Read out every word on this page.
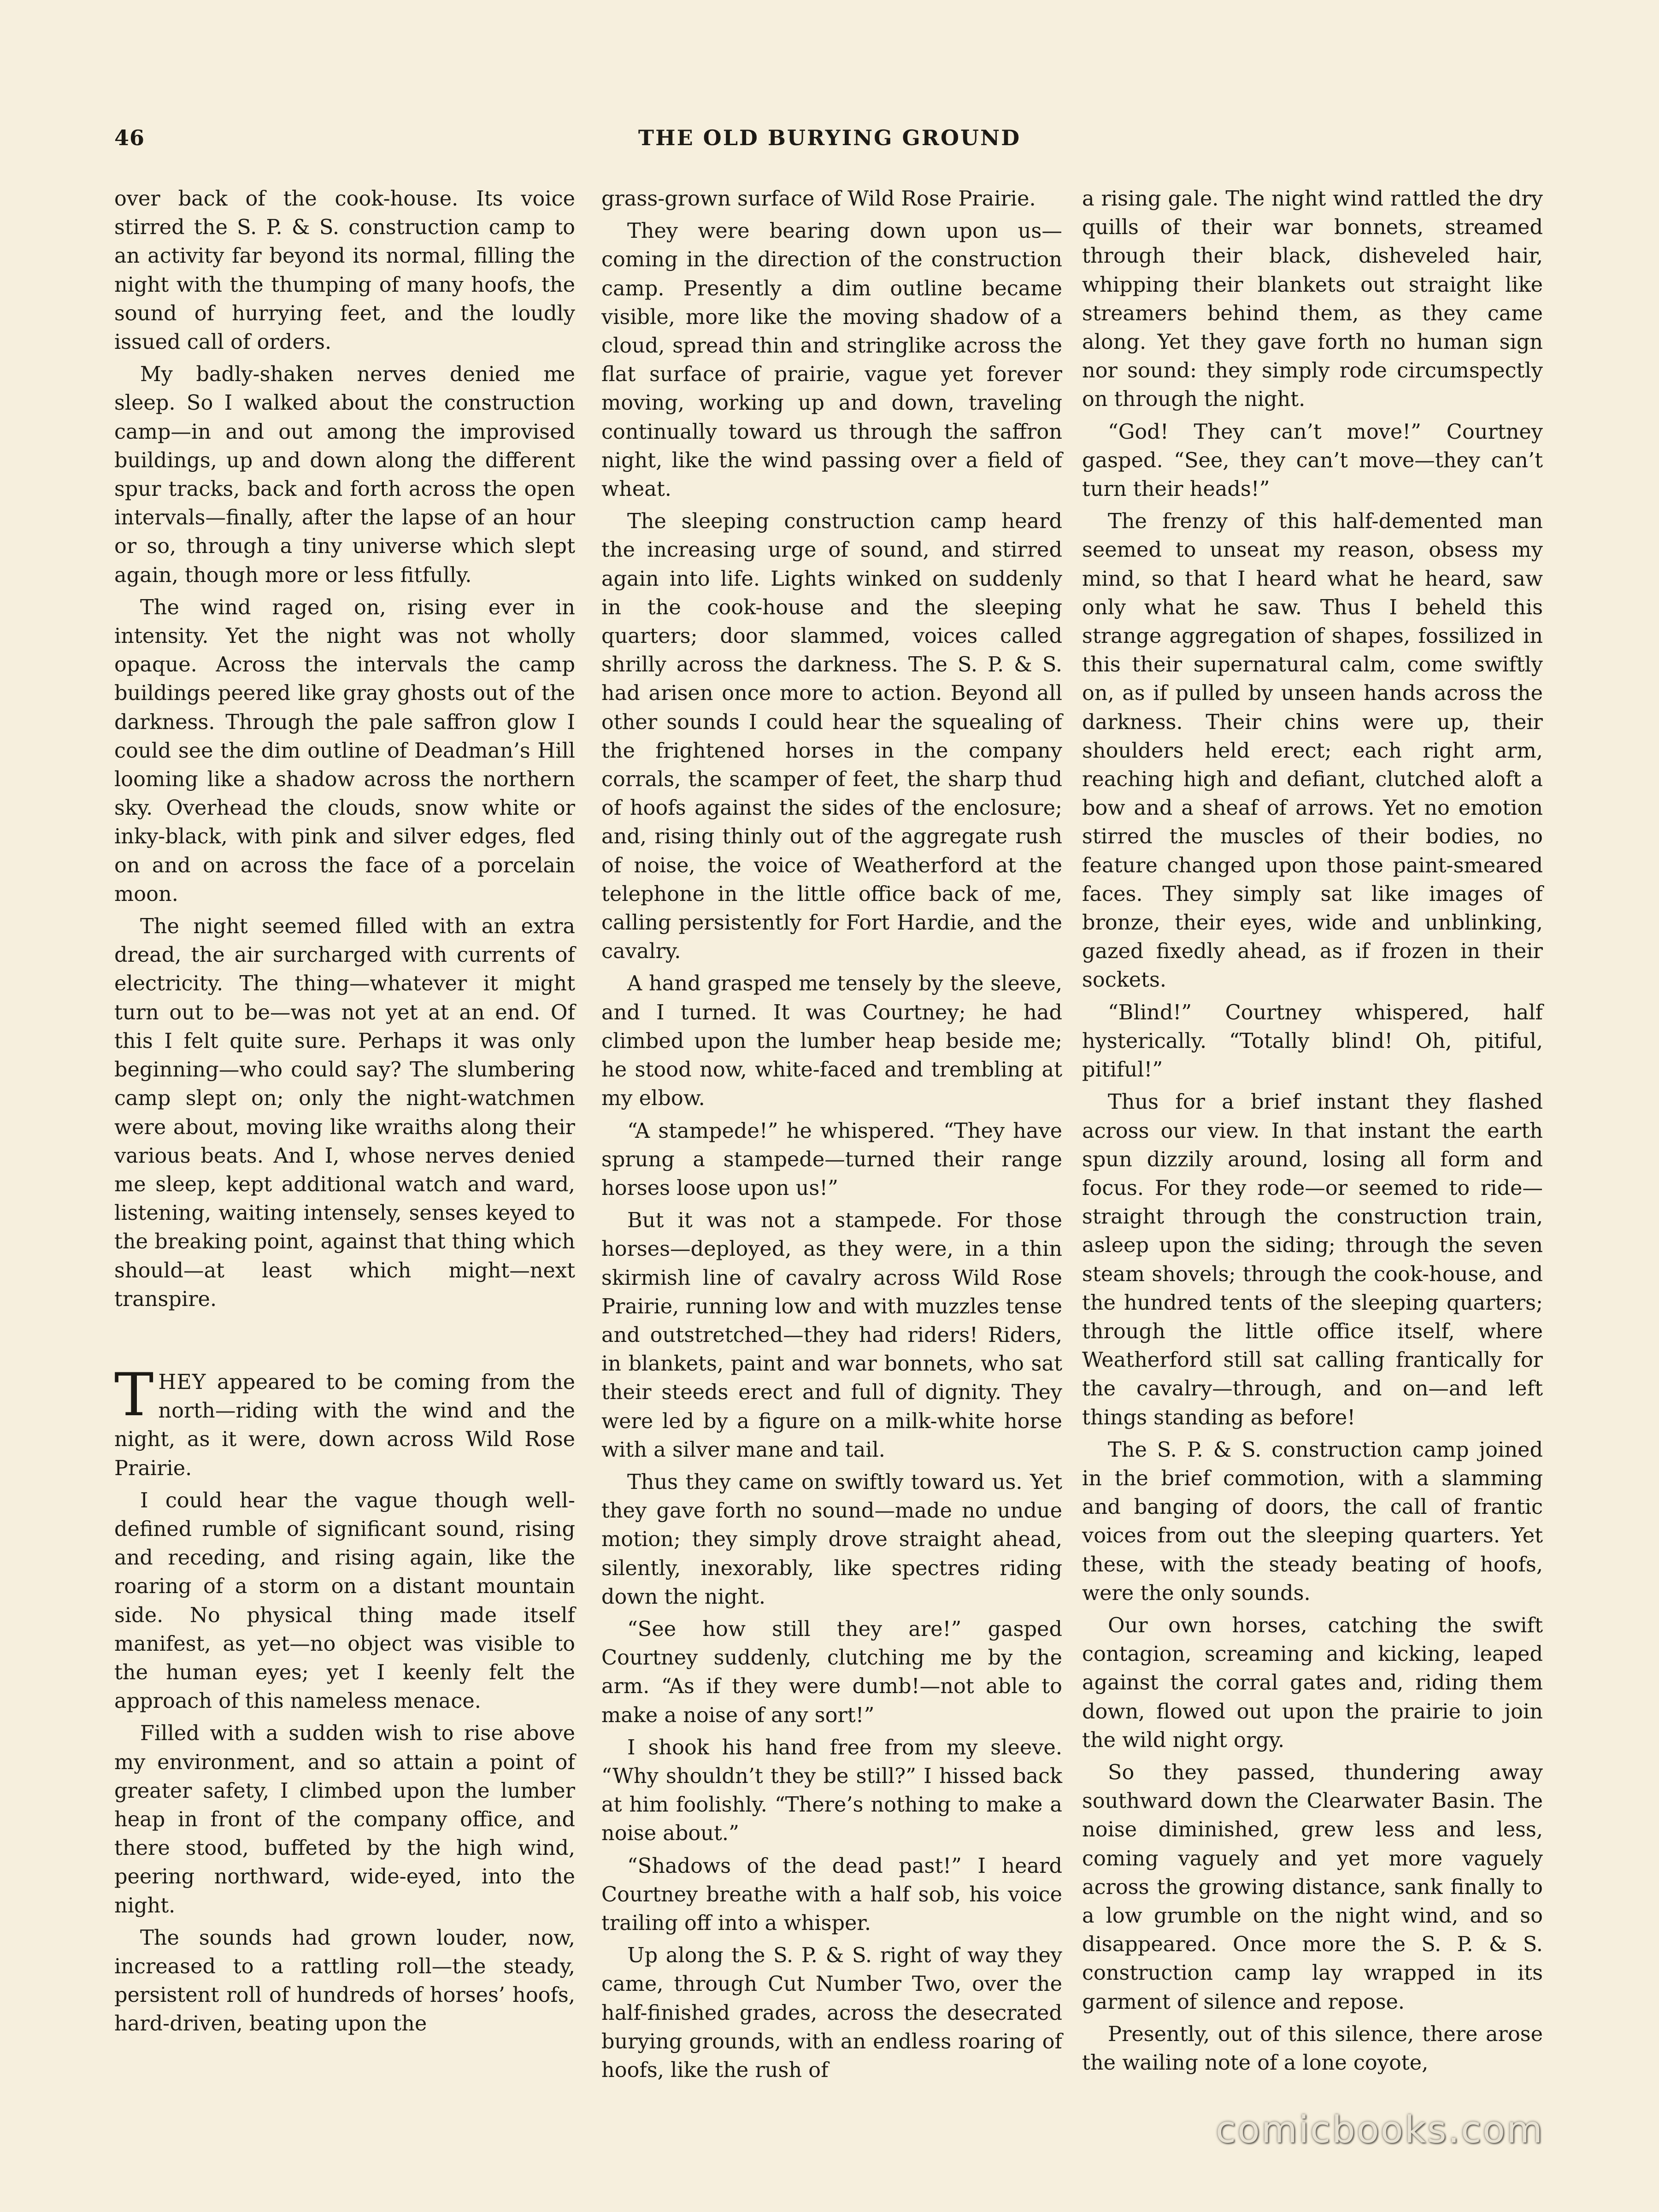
46	THE OLD BURYING GROUND

over back of the cook-house. Its voice stirred the S. P. & S. construction camp to an activity far beyond its normal, filling the night with the thumping of many hoofs, the sound of hurrying feet, and the loudly issued call of orders.

My badly-shaken nerves denied me sleep. So I walked about the construction camp—in and out among the improvised buildings, up and down along the different spur tracks, back and forth across the open intervals—finally, after the lapse of an hour or so, through a tiny universe which slept again, though more or less fitfully.

The wind raged on, rising ever in intensity. Yet the night was not wholly opaque. Across the intervals the camp buildings peered like gray ghosts out of the darkness. Through the pale saffron glow I could see the dim outline of Deadman’s Hill looming like a shadow across the northern sky. Overhead the clouds, snow white or inky-black, with pink and silver edges, fled on and on across the face of a porcelain moon.

The night seemed filled with an extra dread, the air surcharged with currents of electricity. The thing—whatever it might turn out to be—was not yet at an end. Of this I felt quite sure. Perhaps it was only beginning—who could say? The slumbering camp slept on; only the night-watchmen were about, moving like wraiths along their various beats. And I, whose nerves denied me sleep, kept additional watch and ward, listening, waiting intensely, senses keyed to the breaking point, against that thing which should—at least which might—next transpire.

THEY appeared to be coming from the north—riding with the wind and the night, as it were, down across Wild Rose Prairie.

I could hear the vague though well-defined rumble of significant sound, rising and receding, and rising again, like the roaring of a storm on a distant mountain side. No physical thing made itself manifest, as yet—no object was visible to the human eyes; yet I keenly felt the approach of this nameless menace.

Filled with a sudden wish to rise above my environment, and so attain a point of greater safety, I climbed upon the lumber heap in front of the company office, and there stood, buffeted by the high wind, peering northward, wide-eyed, into the night.

The sounds had grown louder, now, increased to a rattling roll—the steady, persistent roll of hundreds of horses’ hoofs, hard-driven, beating upon the

grass-grown surface of Wild Rose Prairie.

They were bearing down upon us—coming in the direction of the construction camp. Presently a dim outline became visible, more like the moving shadow of a cloud, spread thin and stringlike across the flat surface of prairie, vague yet forever moving, working up and down, traveling continually toward us through the saffron night, like the wind passing over a field of wheat.

The sleeping construction camp heard the increasing urge of sound, and stirred again into life. Lights winked on suddenly in the cook-house and the sleeping quarters; door slammed, voices called shrilly across the darkness. The S. P. & S. had arisen once more to action. Beyond all other sounds I could hear the squealing of the frightened horses in the company corrals, the scamper of feet, the sharp thud of hoofs against the sides of the enclosure; and, rising thinly out of the aggregate rush of noise, the voice of Weatherford at the telephone in the little office back of me, calling persistently for Fort Hardie, and the cavalry.

A hand grasped me tensely by the sleeve, and I turned. It was Courtney; he had climbed upon the lumber heap beside me; he stood now, white-faced and trembling at my elbow.

“A stampede!” he whispered. “They have sprung a stampede—turned their range horses loose upon us!”

But it was not a stampede. For those horses—deployed, as they were, in a thin skirmish line of cavalry across Wild Rose Prairie, running low and with muzzles tense and outstretched—they had riders! Riders, in blankets, paint and war bonnets, who sat their steeds erect and full of dignity. They were led by a figure on a milk-white horse with a silver mane and tail.

Thus they came on swiftly toward us. Yet they gave forth no sound—made no undue motion; they simply drove straight ahead, silently, inexorably, like spectres riding down the night.

“See how still they are!” gasped Courtney suddenly, clutching me by the arm. “As if they were dumb!—not able to make a noise of any sort!”

I shook his hand free from my sleeve. “Why shouldn’t they be still?” I hissed back at him foolishly. “There’s nothing to make a noise about.”

“Shadows of the dead past!” I heard Courtney breathe with a half sob, his voice trailing off into a whisper.

Up along the S. P. & S. right of way they came, through Cut Number Two, over the half-finished grades, across the desecrated burying grounds, with an endless roaring of hoofs, like the rush of

a rising gale. The night wind rattled the dry quills of their war bonnets, streamed through their black, disheveled hair, whipping their blankets out straight like streamers behind them, as they came along. Yet they gave forth no human sign nor sound: they simply rode circumspectly on through the night.

“God! They can’t move!” Courtney gasped. “See, they can’t move—they can’t turn their heads!”

The frenzy of this half-demented man seemed to unseat my reason, obsess my mind, so that I heard what he heard, saw only what he saw. Thus I beheld this strange aggregation of shapes, fossilized in this their supernatural calm, come swiftly on, as if pulled by unseen hands across the darkness. Their chins were up, their shoulders held erect; each right arm, reaching high and defiant, clutched aloft a bow and a sheaf of arrows. Yet no emotion stirred the muscles of their bodies, no feature changed upon those paint-smeared faces. They simply sat like images of bronze, their eyes, wide and unblinking, gazed fixedly ahead, as if frozen in their sockets.

“Blind!” Courtney whispered, half hysterically. “Totally blind! Oh, pitiful, pitiful!”

Thus for a brief instant they flashed across our view. In that instant the earth spun dizzily around, losing all form and focus. For they rode—or seemed to ride—straight through the construction train, asleep upon the siding; through the seven steam shovels; through the cook-house, and the hundred tents of the sleeping quarters; through the little office itself, where Weatherford still sat calling frantically for the cavalry—through, and on—and left things standing as before!

The S. P. & S. construction camp joined in the brief commotion, with a slamming and banging of doors, the call of frantic voices from out the sleeping quarters. Yet these, with the steady beating of hoofs, were the only sounds.

Our own horses, catching the swift contagion, screaming and kicking, leaped against the corral gates and, riding them down, flowed out upon the prairie to join the wild night orgy.

So they passed, thundering away southward down the Clearwater Basin. The noise diminished, grew less and less, coming vaguely and yet more vaguely across the growing distance, sank finally to a low grumble on the night wind, and so disappeared. Once more the S. P. & S. construction camp lay wrapped in its garment of silence and repose.

Presently, out of this silence, there arose the wailing note of a lone coyote,

comicbooks.com
